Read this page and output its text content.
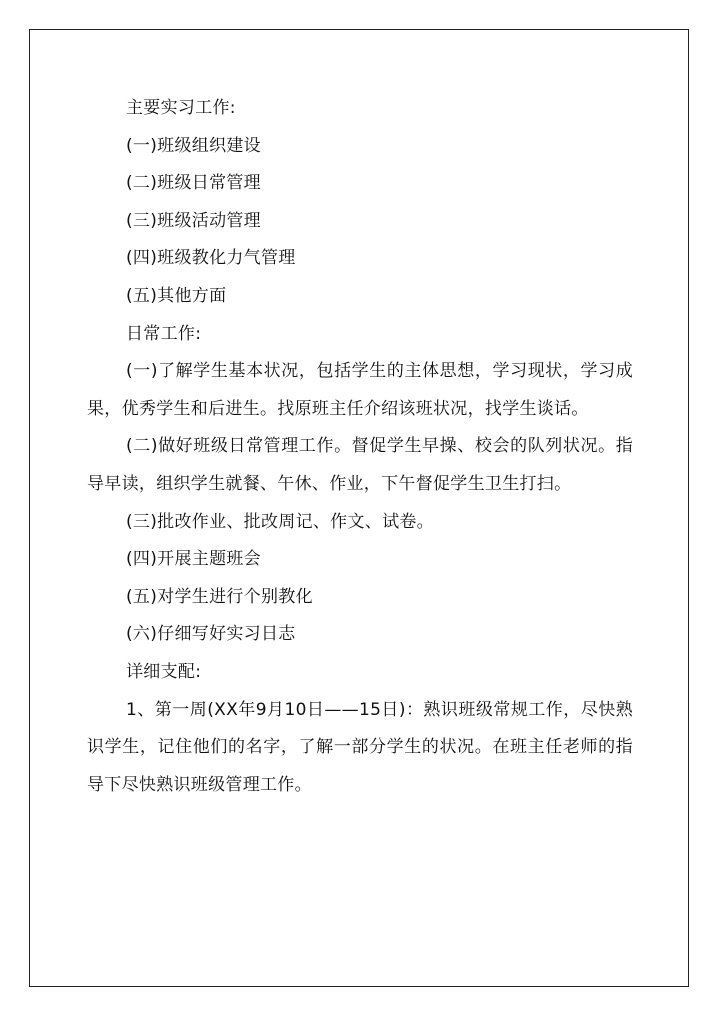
主要实习工作:
(一)班级组织建设
(二)班级日常管理
(三)班级活动管理
(四)班级教化力气管理
(五)其他方面
日常工作:
(一)了解学生基本状况，包括学生的主体思想，学习现状，学习成果，优秀学生和后进生。找原班主任介绍该班状况，找学生谈话。
(二)做好班级日常管理工作。督促学生早操、校会的队列状况。指导早读，组织学生就餐、午休、作业，下午督促学生卫生打扫。
(三)批改作业、批改周记、作文、试卷。
(四)开展主题班会
(五)对学生进行个别教化
(六)仔细写好实习日志
详细支配:
1、第一周(XX年9月10日——15日)：熟识班级常规工作，尽快熟识学生，记住他们的名字，了解一部分学生的状况。在班主任老师的指导下尽快熟识班级管理工作。
